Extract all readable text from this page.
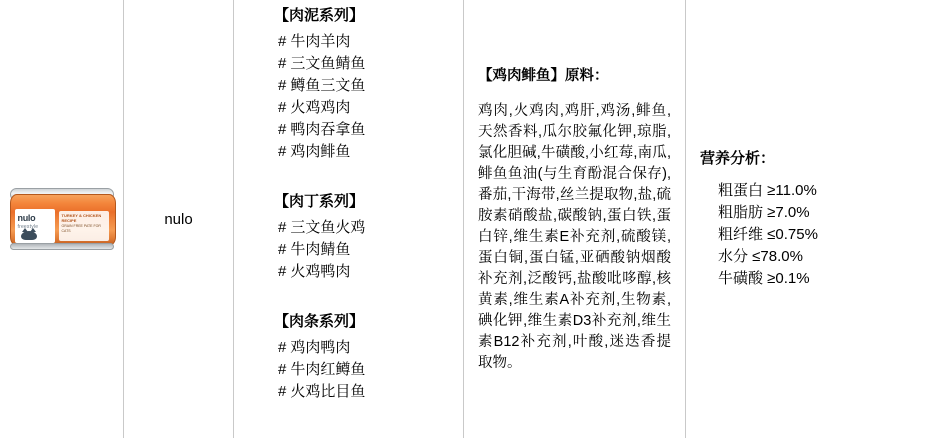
nulo
freestyle
TURKEY & CHICKEN RECIPE
GRAIN FREE PATE FOR CATS
nulo
【肉泥系列】
# 牛肉羊肉
# 三文鱼鲭鱼
# 鳟鱼三文鱼
# 火鸡鸡肉
# 鸭肉吞拿鱼
# 鸡肉鲱鱼
【肉丁系列】
# 三文鱼火鸡
# 牛肉鲭鱼
# 火鸡鸭肉
【肉条系列】
# 鸡肉鸭肉
# 牛肉红鳟鱼
# 火鸡比目鱼
【鸡肉鲱鱼】原料：
鸡肉,火鸡肉,鸡肝,鸡汤,鲱鱼,天然香料,瓜尔胶氟化钾,琼脂,氯化胆碱,牛磺酸,小红莓,南瓜,鲱鱼鱼油(与生育酚混合保存),番茄,干海带,丝兰提取物,盐,硫胺素硝酸盐,碳酸钠,蛋白铁,蛋白锌,维生素E补充剂,硫酸镁,蛋白铜,蛋白锰,亚硒酸钠烟酸补充剂,泛酸钙,盐酸吡哆醇,核黄素,维生素A补充剂,生物素,碘化钾,维生素D3补充剂,维生素B12补充剂,叶酸,迷迭香提取物。
营养分析：
粗蛋白 ≥11.0%
粗脂肪 ≥7.0%
粗纤维 ≤0.75%
水分 ≤78.0%
牛磺酸 ≥0.1%
